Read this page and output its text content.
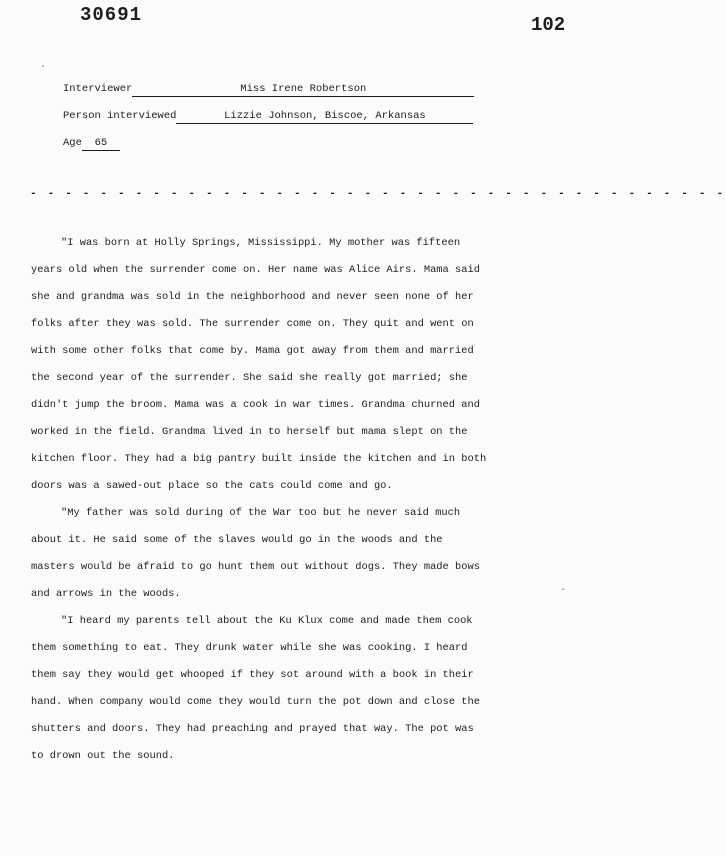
30691	102
·
-
Interviewer	Miss Irene Robertson
Person interviewed	Lizzie Johnson, Biscoe, Arkansas
Age	65
- - - - - - - - - - - - - - - - - - - - - - - - - - - - - - - - - - - - - - - -
"I was born at Holly Springs, Mississippi. My mother was fifteen
years old when the surrender come on. Her name was Alice Airs. Mama said
she and grandma was sold in the neighborhood and never seen none of her
folks after they was sold. The surrender come on. They quit and went on
with some other folks that come by. Mama got away from them and married
the second year of the surrender. She said she really got married; she
didn't jump the broom. Mama was a cook in war times. Grandma churned and
worked in the field. Grandma lived in to herself but mama slept on the
kitchen floor. They had a big pantry built inside the kitchen and in both
doors was a sawed-out place so the cats could come and go.
"My father was sold during of the War too but he never said much
about it. He said some of the slaves would go in the woods and the
masters would be afraid to go hunt them out without dogs. They made bows
and arrows in the woods.
"I heard my parents tell about the Ku Klux come and made them cook
them something to eat. They drunk water while she was cooking. I heard
them say they would get whooped if they sot around with a book in their
hand. When company would come they would turn the pot down and close the
shutters and doors. They had preaching and prayed that way. The pot was
to drown out the sound.
